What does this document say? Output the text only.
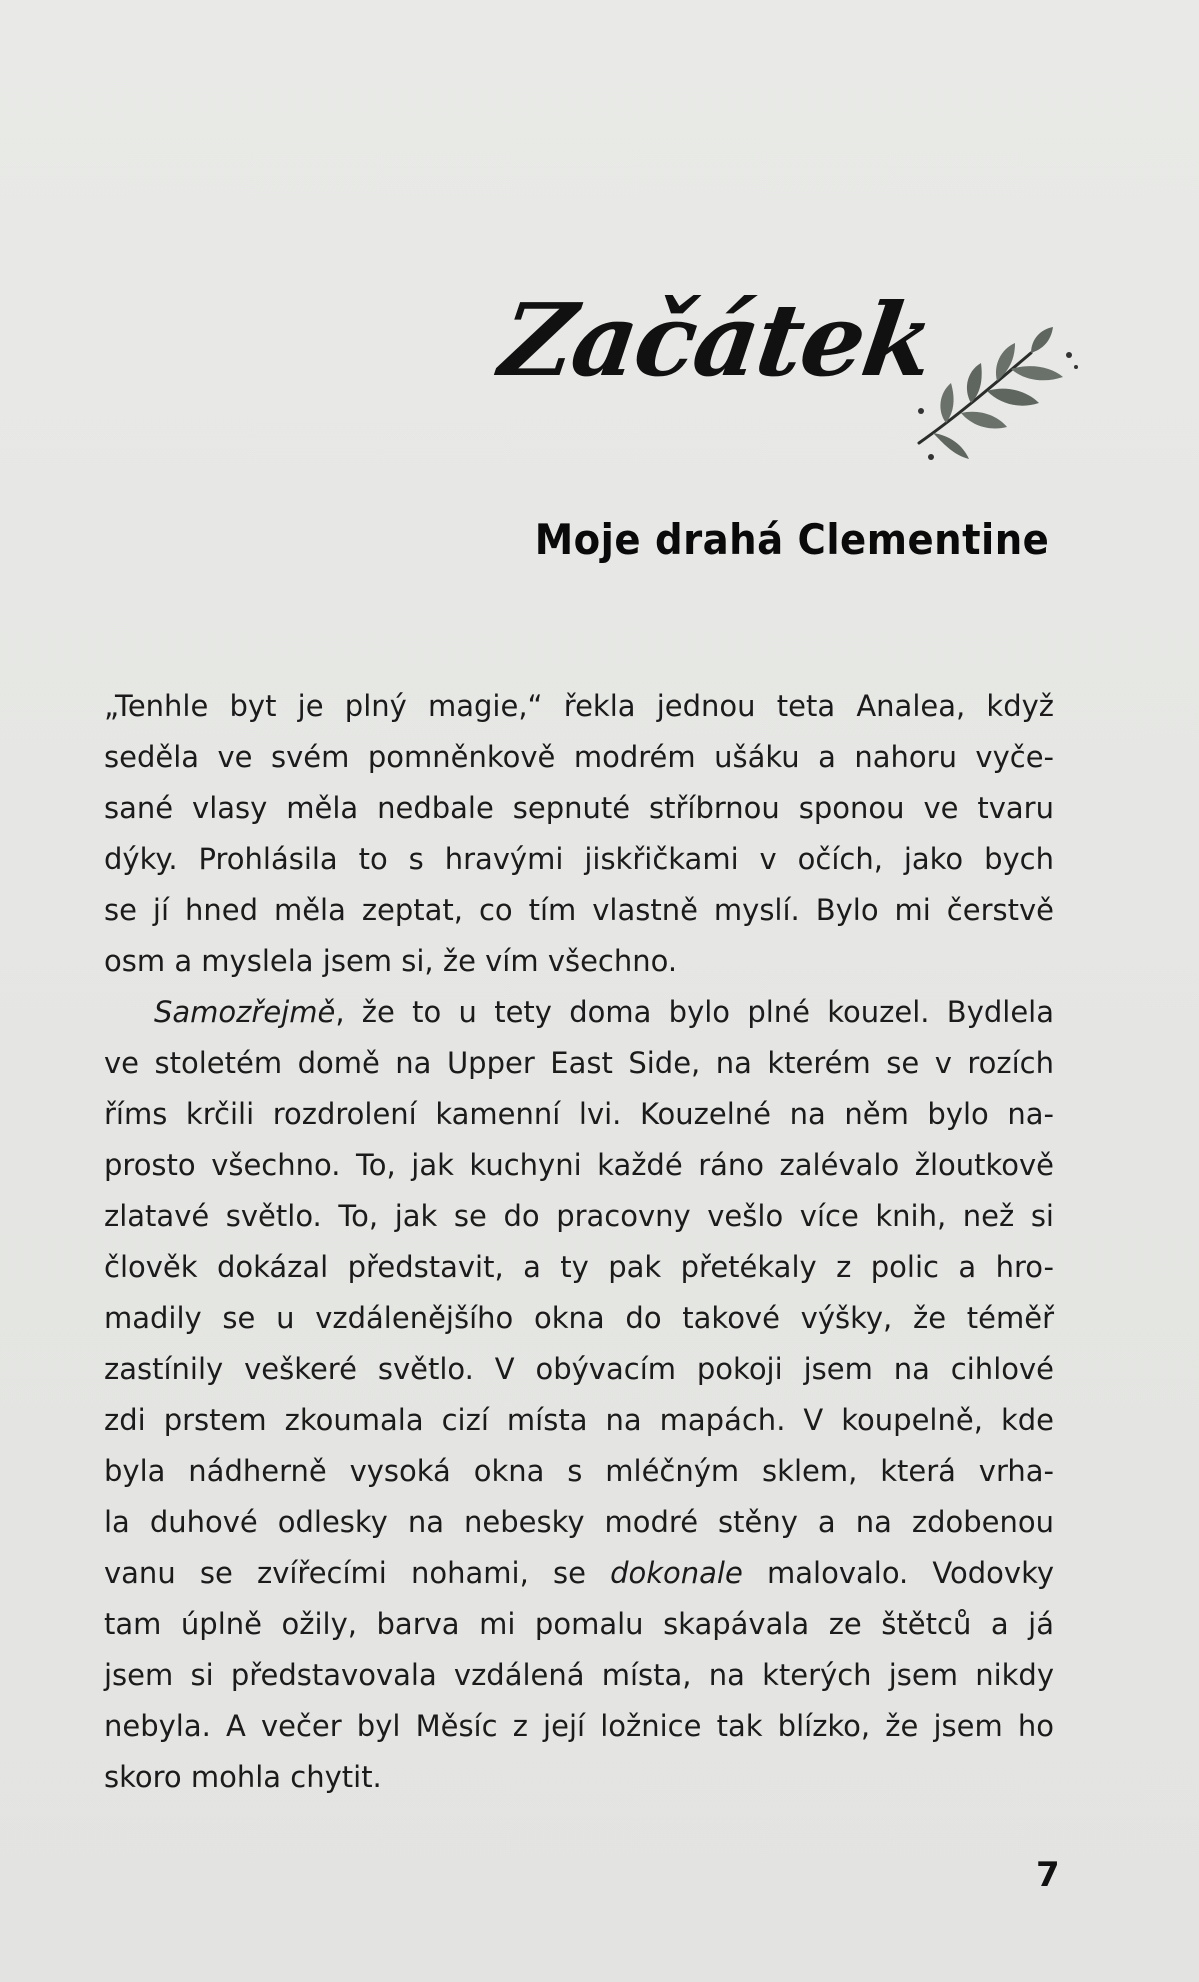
Začátek
Moje drahá Clementine
„Tenhle byt je plný magie,“ řekla jednou teta Analea, když
seděla ve svém pomněnkově modrém ušáku a nahoru vyče-
sané vlasy měla nedbale sepnuté stříbrnou sponou ve tvaru
dýky. Prohlásila to s hravými jiskřičkami v očích, jako bych
se jí hned měla zeptat, co tím vlastně myslí. Bylo mi čerstvě
osm a myslela jsem si, že vím všechno.
Samozřejmě, že to u tety doma bylo plné kouzel. Bydlela
ve stoletém domě na Upper East Side, na kterém se v rozích
říms krčili rozdrolení kamenní lvi. Kouzelné na něm bylo na-
prosto všechno. To, jak kuchyni každé ráno zalévalo žloutkově
zlatavé světlo. To, jak se do pracovny vešlo více knih, než si
člověk dokázal představit, a ty pak přetékaly z polic a hro-
madily se u vzdálenějšího okna do takové výšky, že téměř
zastínily veškeré světlo. V obývacím pokoji jsem na cihlové
zdi prstem zkoumala cizí místa na mapách. V koupelně, kde
byla nádherně vysoká okna s mléčným sklem, která vrha-
la duhové odlesky na nebesky modré stěny a na zdobenou
vanu se zvířecími nohami, se dokonale malovalo. Vodovky
tam úplně ožily, barva mi pomalu skapávala ze štětců a já
jsem si představovala vzdálená místa, na kterých jsem nikdy
nebyla. A večer byl Měsíc z její ložnice tak blízko, že jsem ho
skoro mohla chytit.
7
